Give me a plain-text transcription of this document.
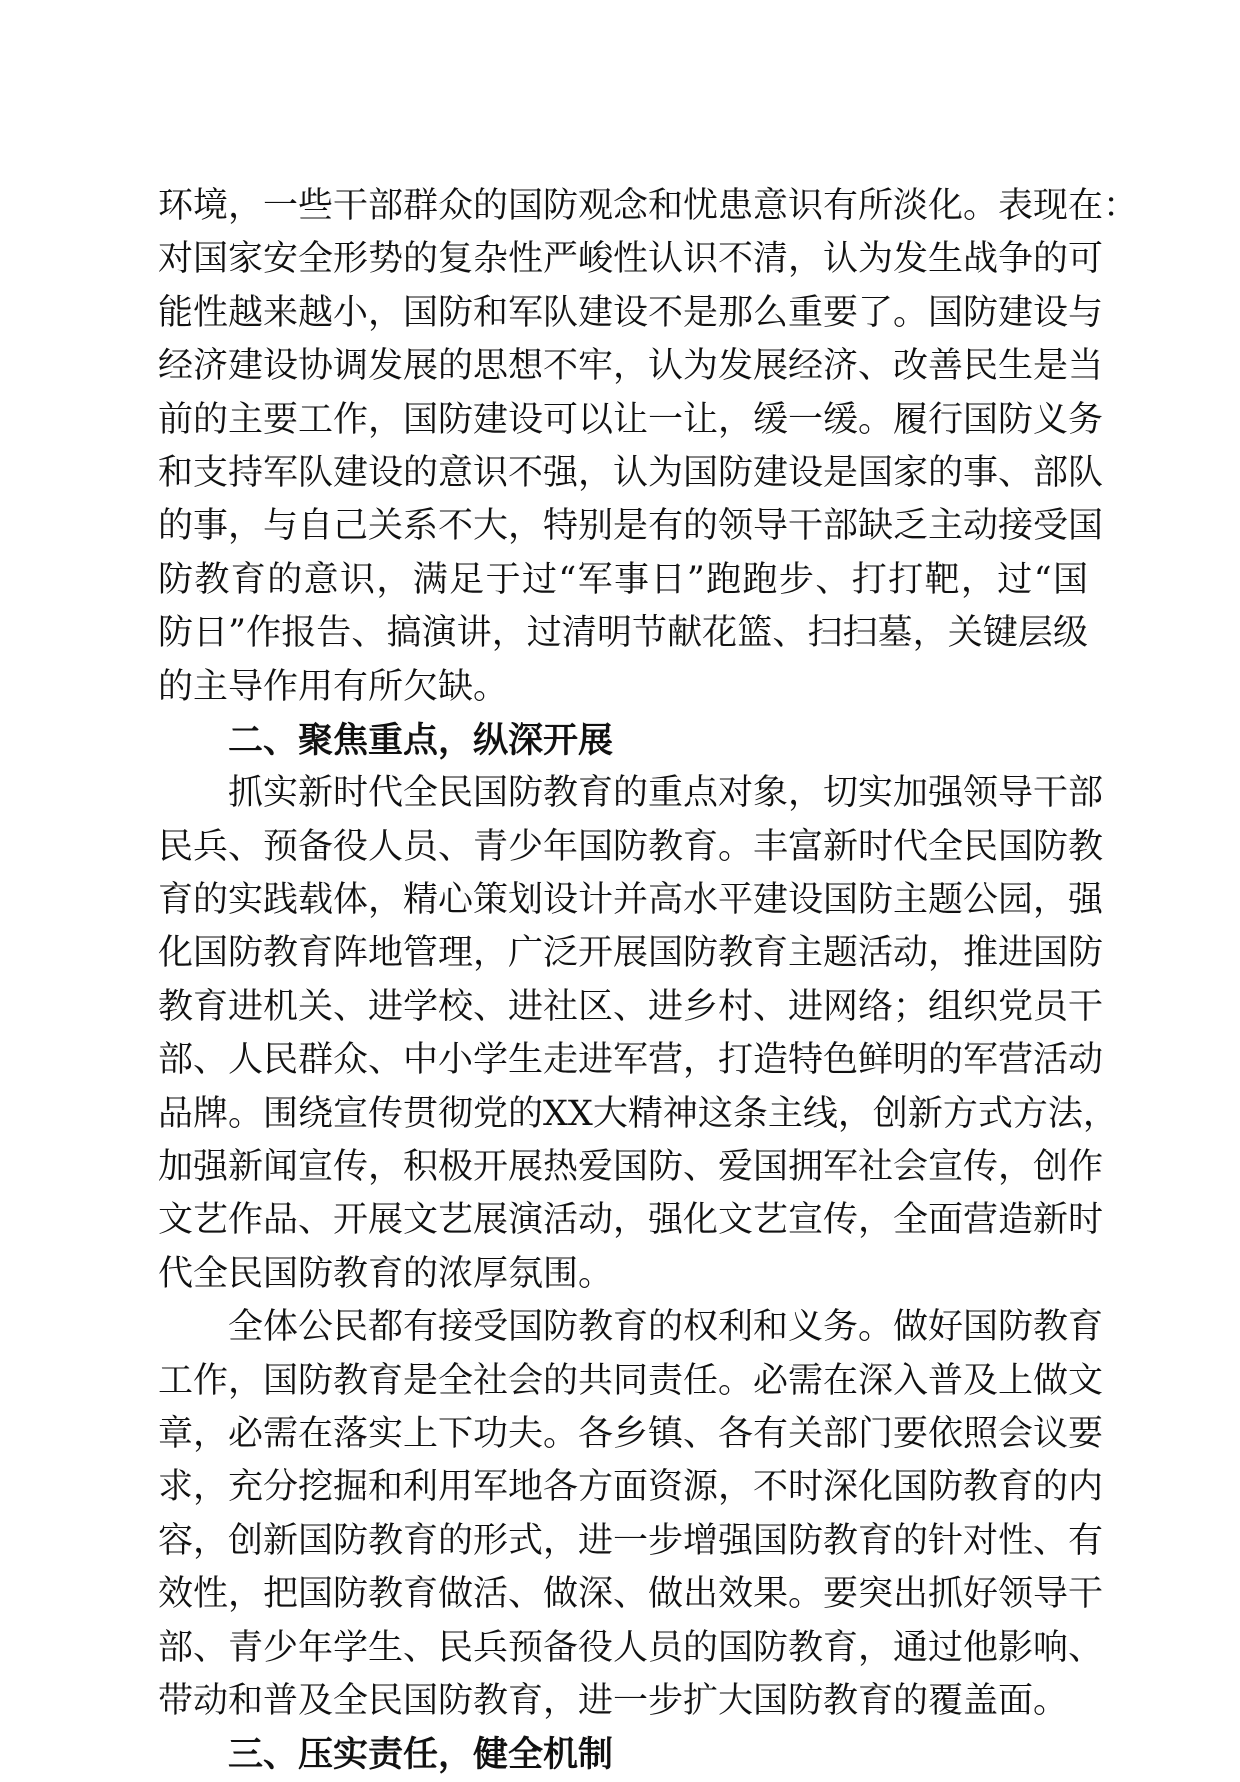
环境，一些干部群众的国防观念和忧患意识有所淡化。表现在：
对国家安全形势的复杂性严峻性认识不清，认为发生战争的可
能性越来越小，国防和军队建设不是那么重要了。国防建设与
经济建设协调发展的思想不牢，认为发展经济、改善民生是当
前的主要工作，国防建设可以让一让，缓一缓。履行国防义务
和支持军队建设的意识不强，认为国防建设是国家的事、部队
的事，与自己关系不大，特别是有的领导干部缺乏主动接受国
防教育的意识，满足于过“军事日”跑跑步、打打靶，过“国
防日”作报告、搞演讲，过清明节献花篮、扫扫墓，关键层级
的主导作用有所欠缺。
二、聚焦重点，纵深开展
抓实新时代全民国防教育的重点对象，切实加强领导干部
民兵、预备役人员、青少年国防教育。丰富新时代全民国防教
育的实践载体，精心策划设计并高水平建设国防主题公园，强
化国防教育阵地管理，广泛开展国防教育主题活动，推进国防
教育进机关、进学校、进社区、进乡村、进网络；组织党员干
部、人民群众、中小学生走进军营，打造特色鲜明的军营活动
品牌。围绕宣传贯彻党的XX大精神这条主线，创新方式方法，
加强新闻宣传，积极开展热爱国防、爱国拥军社会宣传，创作
文艺作品、开展文艺展演活动，强化文艺宣传，全面营造新时
代全民国防教育的浓厚氛围。
全体公民都有接受国防教育的权利和义务。做好国防教育
工作，国防教育是全社会的共同责任。必需在深入普及上做文
章，必需在落实上下功夫。各乡镇、各有关部门要依照会议要
求，充分挖掘和利用军地各方面资源，不时深化国防教育的内
容，创新国防教育的形式，进一步增强国防教育的针对性、有
效性，把国防教育做活、做深、做出效果。要突出抓好领导干
部、青少年学生、民兵预备役人员的国防教育，通过他影响、
带动和普及全民国防教育，进一步扩大国防教育的覆盖面。
三、压实责任，健全机制
